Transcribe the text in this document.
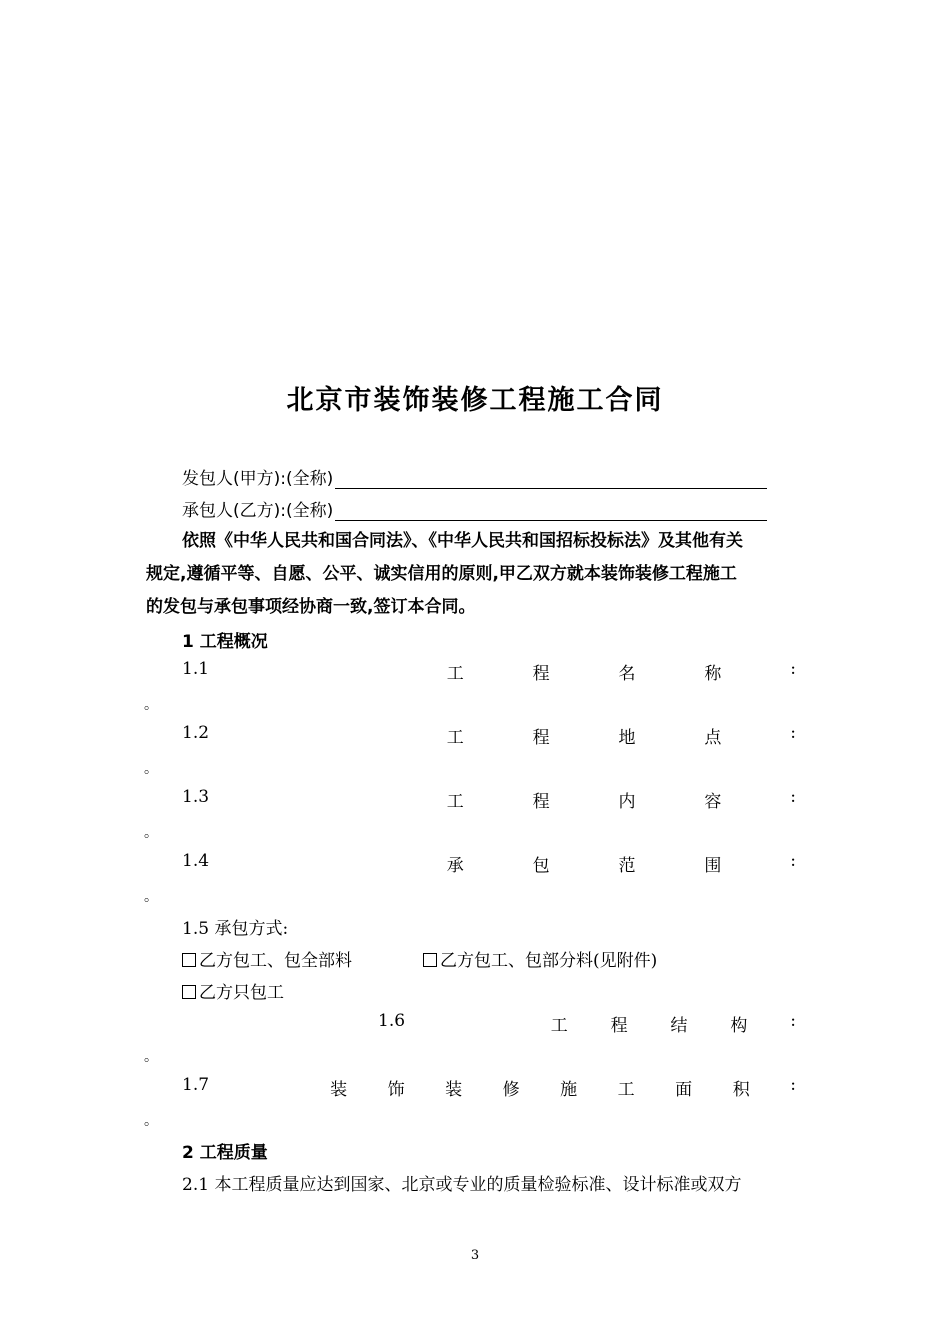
北京市装饰装修工程施工合同
发包人(甲方):(全称)
承包人(乙方):(全称)
依照《中华人民共和国合同法》、《中华人民共和国招标投标法》及其他有关
规定,遵循平等、自愿、公平、诚实信用的原则,甲乙双方就本装饰装修工程施工
的发包与承包事项经协商一致,签订本合同。
1 工程概况
1.1	工	程	名	称	:
。
1.2	工	程	地	点	:
。
1.3	工	程	内	容	:
。
1.4	承	包	范	围	:
。
1.5 承包方式:
乙方包工、包全部料	乙方包工、包部分料(见附件)
乙方只包工
1.6	工	程	结	构	:
。
1.7	装 饰 装 修 施 工 面 积 :
。
2 工程质量
2.1 本工程质量应达到国家、北京或专业的质量检验标准、设计标准或双方
3
